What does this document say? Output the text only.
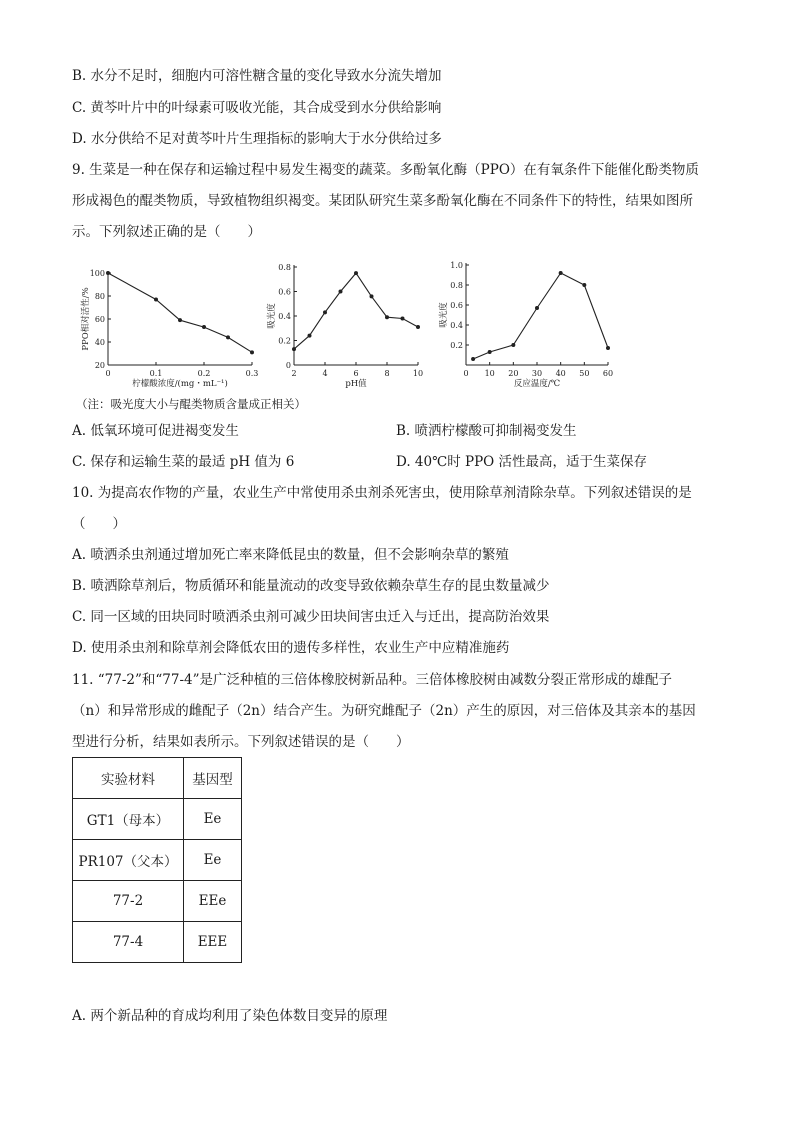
B. 水分不足时，细胞内可溶性糖含量的变化导致水分流失增加
C. 黄芩叶片中的叶绿素可吸收光能，其合成受到水分供给影响
D. 水分供给不足对黄芩叶片生理指标的影响大于水分供给过多
9. 生菜是一种在保存和运输过程中易发生褐变的蔬菜。多酚氧化酶（PPO）在有氧条件下能催化酚类物质
形成褐色的醌类物质，导致植物组织褐变。某团队研究生菜多酚氧化酶在不同条件下的特性，结果如图所
示。下列叙述正确的是（　　）
0	0.1	0.2	0.3
20
40
60
80
100
柠檬酸浓度/(mg・mL⁻¹)
PPO相对活性/%
2	4	6	8	10
0
0.2
0.4
0.6
0.8
pH值
吸光度
0 10 20 30 40 50 60
0.2
0.4
0.6
0.8
1.0
反应温度/℃
吸光度
（注：吸光度大小与醌类物质含量成正相关）
A. 低氧环境可促进褐变发生	B. 喷洒柠檬酸可抑制褐变发生
C. 保存和运输生菜的最适 pH 值为 6	D. 40℃时 PPO 活性最高，适于生菜保存
10. 为提高农作物的产量，农业生产中常使用杀虫剂杀死害虫，使用除草剂清除杂草。下列叙述错误的是
（　　）
A. 喷洒杀虫剂通过增加死亡率来降低昆虫的数量，但不会影响杂草的繁殖
B. 喷洒除草剂后，物质循环和能量流动的改变导致依赖杂草生存的昆虫数量减少
C. 同一区域的田块同时喷洒杀虫剂可减少田块间害虫迁入与迁出，提高防治效果
D. 使用杀虫剂和除草剂会降低农田的遗传多样性，农业生产中应精准施药
11. “77-2”和“77-4”是广泛种植的三倍体橡胶树新品种。三倍体橡胶树由减数分裂正常形成的雄配子
（n）和异常形成的雌配子（2n）结合产生。为研究雌配子（2n）产生的原因，对三倍体及其亲本的基因
型进行分析，结果如表所示。下列叙述错误的是（　　）
实验材料	基因型
GT1（母本）	Ee
PR107（父本）	Ee
77-2	EEe
77-4	EEE
A. 两个新品种的育成均利用了染色体数目变异的原理
